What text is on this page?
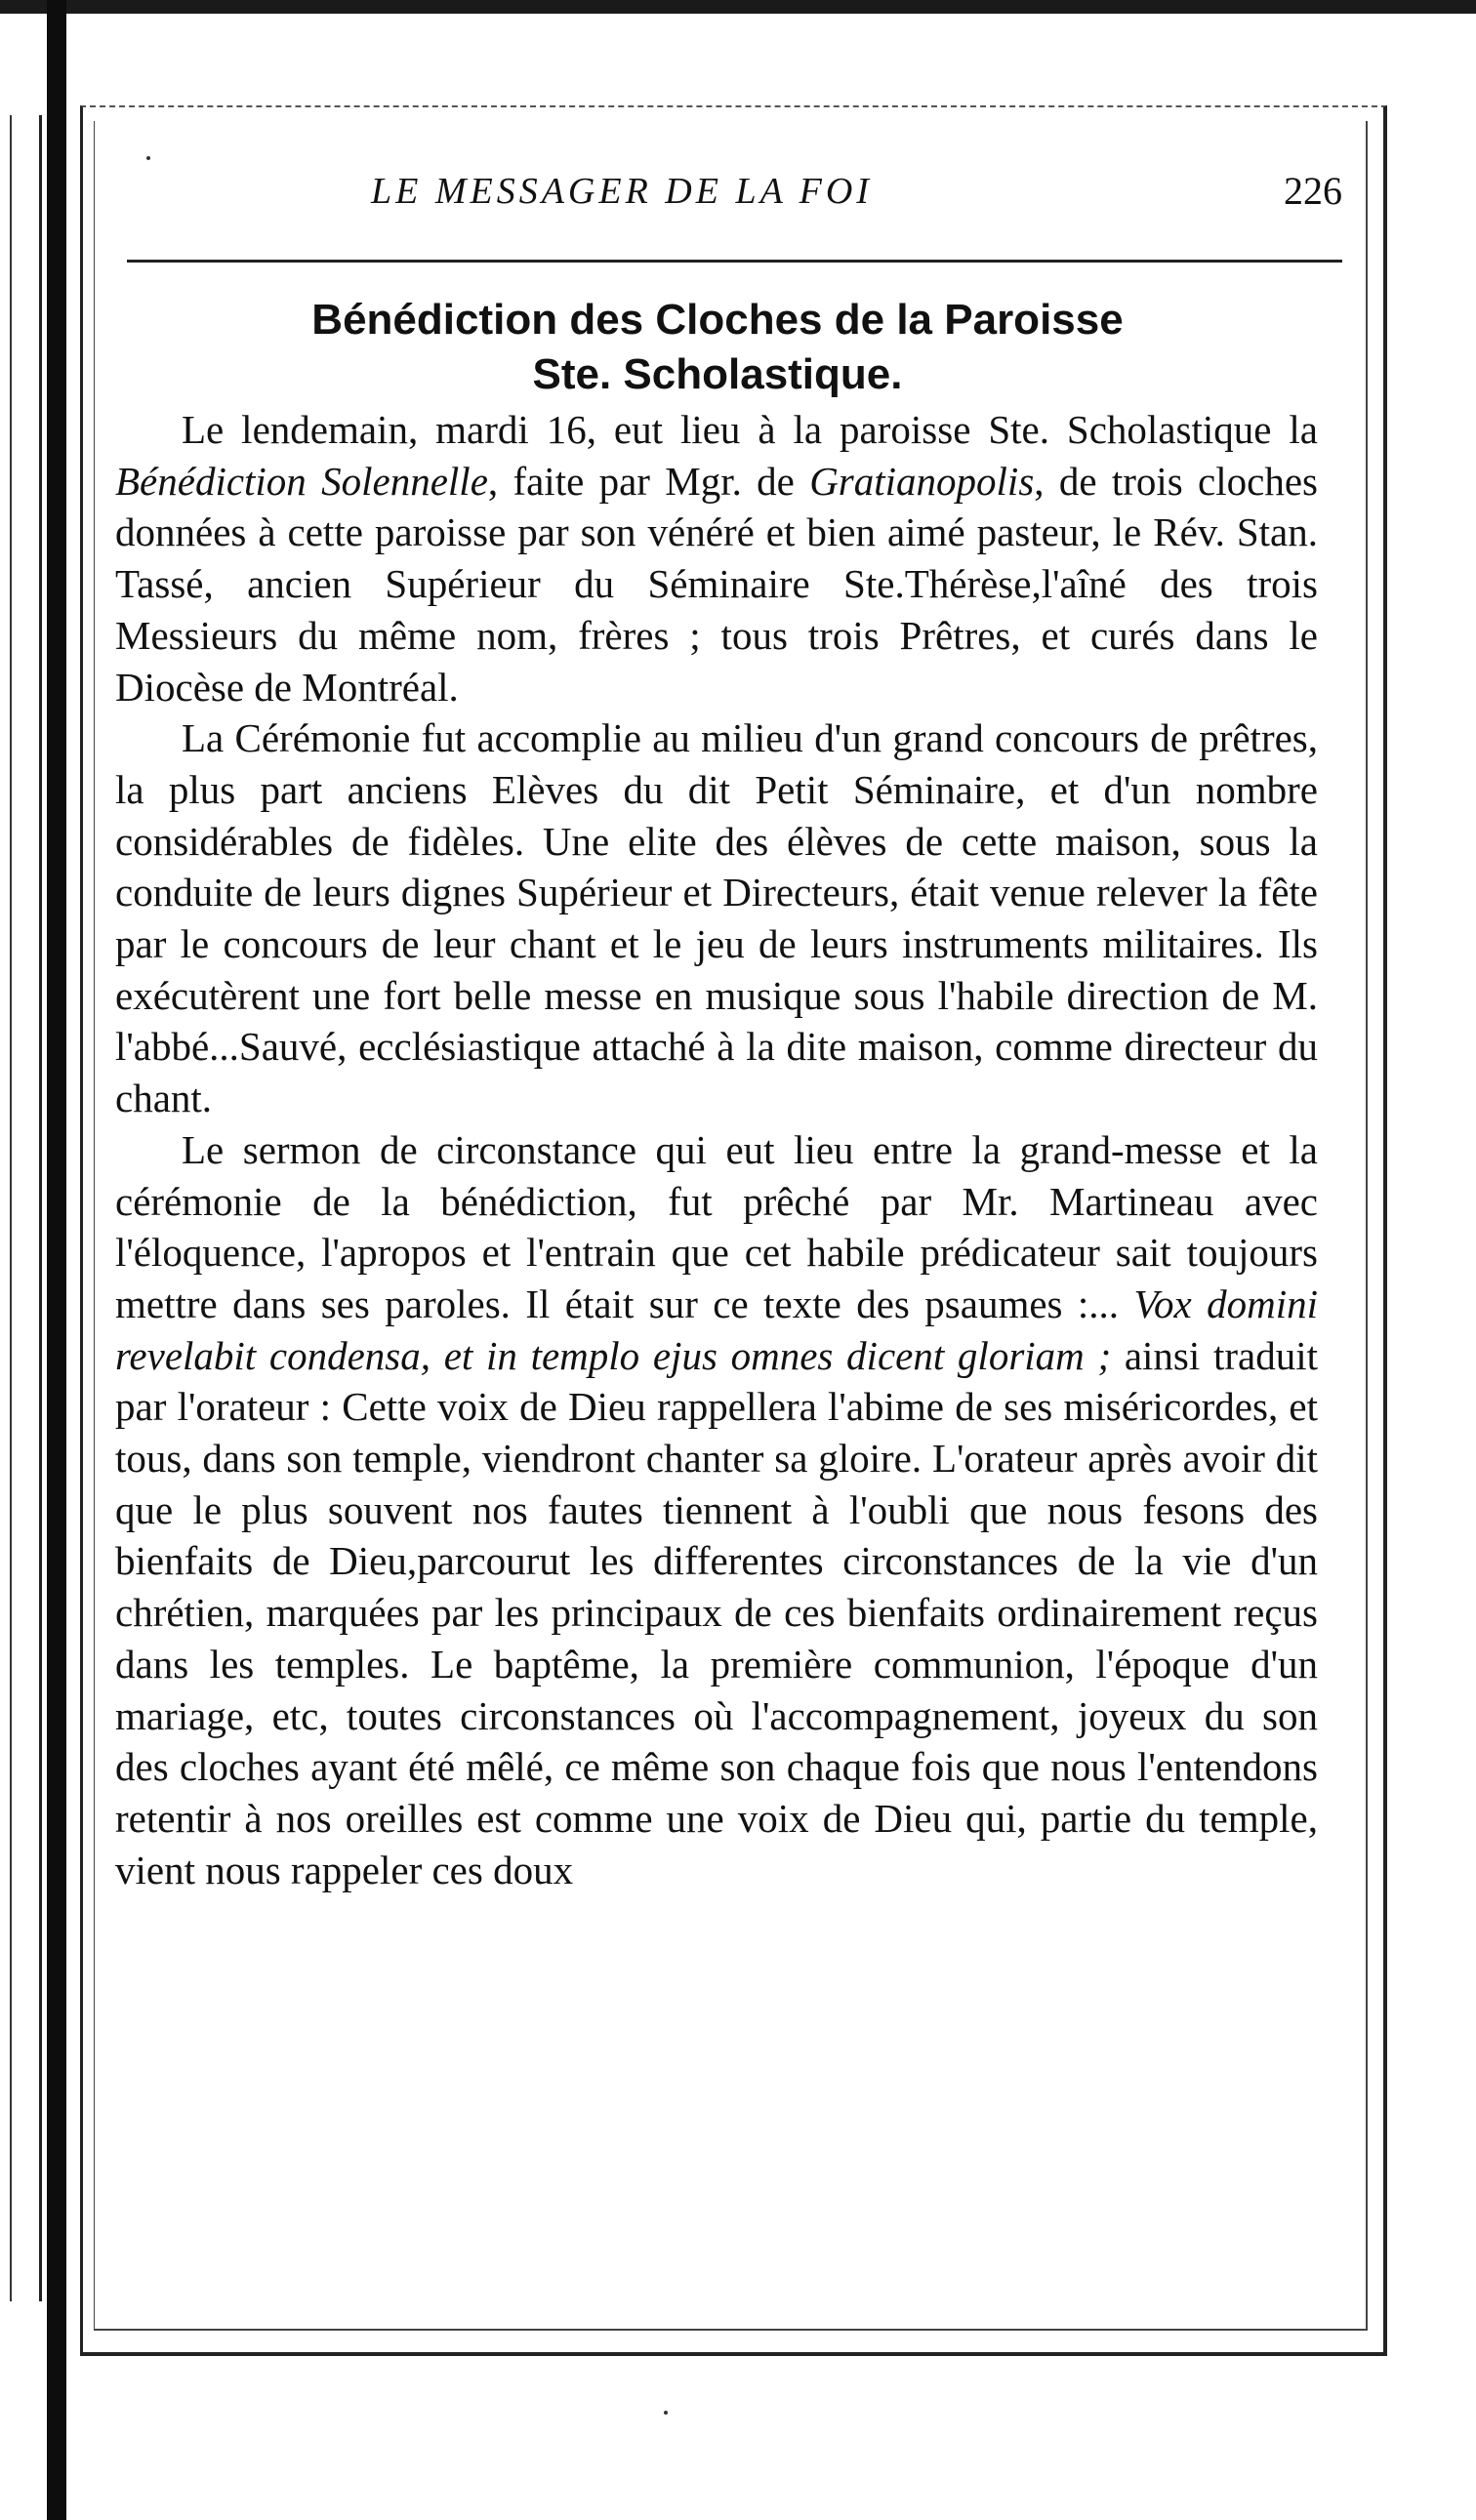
LE MESSAGER DE LA FOI	226
Bénédiction des Cloches de la Paroisse
Ste. Scholastique.

Le lendemain, mardi 16, eut lieu à la paroisse Ste. Scholastique la Bénédiction Solennelle, faite par Mgr. de Gratianopolis, de trois cloches données à cette paroisse par son vénéré et bien aimé pasteur, le Rév. Stan. Tassé, ancien Supérieur du Séminaire Ste.Thérèse,l'aîné des trois Messieurs du même nom, frères ; tous trois Prêtres, et curés dans le Diocèse de Montréal.

La Cérémonie fut accomplie au milieu d'un grand concours de prêtres, la plus part anciens Elèves du dit Petit Séminaire, et d'un nombre considérables de fidèles. Une elite des élèves de cette maison, sous la conduite de leurs dignes Supérieur et Directeurs, était venue relever la fête par le concours de leur chant et le jeu de leurs instruments militaires. Ils exécutèrent une fort belle messe en musique sous l'habile direction de M. l'abbé...Sauvé, ecclésiastique attaché à la dite maison, comme directeur du chant.

Le sermon de circonstance qui eut lieu entre la grand-messe et la cérémonie de la bénédiction, fut prêché par Mr. Martineau avec l'éloquence, l'apropos et l'entrain que cet habile prédicateur sait toujours mettre dans ses paroles. Il était sur ce texte des psaumes :... Vox domini revelabit condensa, et in templo ejus omnes dicent gloriam ; ainsi traduit par l'orateur : Cette voix de Dieu rappellera l'abime de ses miséricordes, et tous, dans son temple, viendront chanter sa gloire. L'orateur après avoir dit que le plus souvent nos fautes tiennent à l'oubli que nous fesons des bienfaits de Dieu,parcourut les differentes circonstances de la vie d'un chrétien, marquées par les principaux de ces bienfaits ordinairement reçus dans les temples. Le baptême, la première communion, l'époque d'un mariage, etc, toutes circonstances où l'accompagnement, joyeux du son des cloches ayant été mêlé, ce même son chaque fois que nous l'entendons retentir à nos oreilles est comme une voix de Dieu qui, partie du temple, vient nous rappeler ces doux
